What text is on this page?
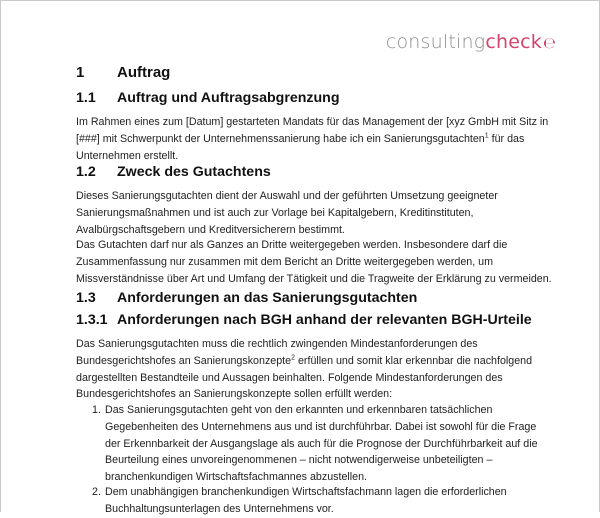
consultingcheck℮
1 Auftrag
1.1 Auftrag und Auftragsabgrenzung
Im Rahmen eines zum [Datum] gestarteten Mandats für das Management der [xyz GmbH mit Sitz in [###] mit Schwerpunkt der Unternehmenssanierung habe ich ein Sanierungsgutachten$^1$ für das Unternehmen erstellt.
1.2 Zweck des Gutachtens
Dieses Sanierungsgutachten dient der Auswahl und der geführten Umsetzung geeigneter Sanierungsmaßnahmen und ist auch zur Vorlage bei Kapitalgebern, Kreditinstituten, Avalbürgschaftsgebern und Kreditversicherern bestimmt.
Das Gutachten darf nur als Ganzes an Dritte weitergegeben werden. Insbesondere darf die Zusammenfassung nur zusammen mit dem Bericht an Dritte weitergegeben werden, um Missverständnisse über Art und Umfang der Tätigkeit und die Tragweite der Erklärung zu vermeiden.
1.3 Anforderungen an das Sanierungsgutachten
1.3.1 Anforderungen nach BGH anhand der relevanten BGH-Urteile
Das Sanierungsgutachten muss die rechtlich zwingenden Mindestanforderungen des Bundesgerichtshofes an Sanierungskonzepte$^2$ erfüllen und somit klar erkennbar die nachfolgend dargestellten Bestandteile und Aussagen beinhalten. Folgende Mindestanforderungen des Bundesgerichtshofes an Sanierungskonzepte sollen erfüllt werden:
1. Das Sanierungsgutachten geht von den erkannten und erkennbaren tatsächlichen Gegebenheiten des Unternehmens aus und ist durchführbar. Dabei ist sowohl für die Frage der Erkennbarkeit der Ausgangslage als auch für die Prognose der Durchführbarkeit auf die Beurteilung eines unvoreingenommenen – nicht notwendigerweise unbeteiligten – branchenkundigen Wirtschaftsfachmannes abzustellen.
2. Dem unabhängigen branchenkundigen Wirtschaftsfachmann lagen die erforderlichen Buchhaltungsunterlagen des Unternehmens vor.
